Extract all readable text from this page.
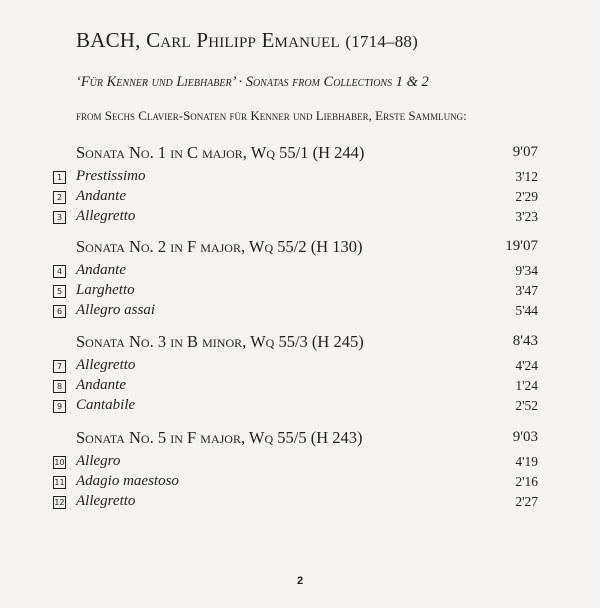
BACH, Carl Philipp Emanuel (1714–88)
‘Für Kenner und Liebhaber’ · Sonatas from Collections 1 & 2
from Sechs Clavier-Sonaten für Kenner und Liebhaber, Erste Sammlung:
Sonata No. 1 in C major, Wq 55/1 (H 244)	9'07
1 Prestissimo	3'12
2 Andante	2'29
3 Allegretto	3'23
Sonata No. 2 in F major, Wq 55/2 (H 130)	19'07
4 Andante	9'34
5 Larghetto	3'47
6 Allegro assai	5'44
Sonata No. 3 in B minor, Wq 55/3 (H 245)	8'43
7 Allegretto	4'24
8 Andante	1'24
9 Cantabile	2'52
Sonata No. 5 in F major, Wq 55/5 (H 243)	9'03
10 Allegro	4'19
11 Adagio maestoso	2'16
12 Allegretto	2'27
2
